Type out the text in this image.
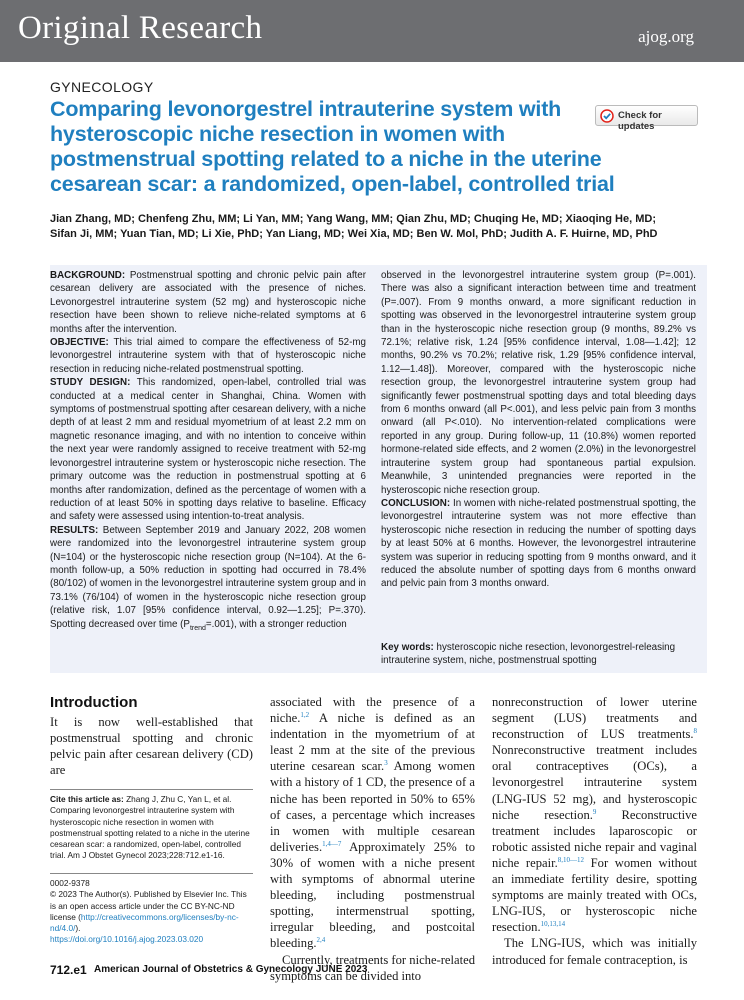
Original Research	ajog.org
GYNECOLOGY
Comparing levonorgestrel intrauterine system with
hysteroscopic niche resection in women with
postmenstrual spotting related to a niche in the uterine
cesarean scar: a randomized, open-label, controlled trial
Check for updates
Jian Zhang, MD; Chenfeng Zhu, MM; Li Yan, MM; Yang Wang, MM; Qian Zhu, MD; Chuqing He, MD; Xiaoqing He, MD;
Sifan Ji, MM; Yuan Tian, MD; Li Xie, PhD; Yan Liang, MD; Wei Xia, MD; Ben W. Mol, PhD; Judith A. F. Huirne, MD, PhD

BACKGROUND: Postmenstrual spotting and chronic pelvic pain after cesarean delivery are associated with the presence of niches. Levonorgestrel intrauterine system (52 mg) and hysteroscopic niche resection have been shown to relieve niche-related symptoms at 6 months after the intervention.

OBJECTIVE: This trial aimed to compare the effectiveness of 52-mg levonorgestrel intrauterine system with that of hysteroscopic niche resection in reducing niche-related postmenstrual spotting.

STUDY DESIGN: This randomized, open-label, controlled trial was conducted at a medical center in Shanghai, China. Women with symptoms of postmenstrual spotting after cesarean delivery, with a niche depth of at least 2 mm and residual myometrium of at least 2.2 mm on magnetic resonance imaging, and with no intention to conceive within the next year were randomly assigned to receive treatment with 52-mg levonorgestrel intrauterine system or hysteroscopic niche resection. The primary outcome was the reduction in postmenstrual spotting at 6 months after randomization, defined as the percentage of women with a reduction of at least 50% in spotting days relative to baseline. Efficacy and safety were assessed using intention-to-treat analysis.

RESULTS: Between September 2019 and January 2022, 208 women were randomized into the levonorgestrel intrauterine system group (N=104) or the hysteroscopic niche resection group (N=104). At the 6-month follow-up, a 50% reduction in spotting had occurred in 78.4% (80/102) of women in the levonorgestrel intrauterine system group and in 73.1% (76/104) of women in the hysteroscopic niche resection group (relative risk, 1.07 [95% confidence interval, 0.92—1.25]; P=.370). Spotting decreased over time $(P_{trend}=.001)$, with a stronger reduction

observed in the levonorgestrel intrauterine system group (P=.001). There was also a significant interaction between time and treatment (P=.007). From 9 months onward, a more significant reduction in spotting was observed in the levonorgestrel intrauterine system group than in the hysteroscopic niche resection group (9 months, 89.2% vs 72.1%; relative risk, 1.24 [95% confidence interval, 1.08—1.42]; 12 months, 90.2% vs 70.2%; relative risk, 1.29 [95% confidence interval, 1.12—1.48]). Moreover, compared with the hysteroscopic niche resection group, the levonorgestrel intrauterine system group had significantly fewer postmenstrual spotting days and total bleeding days from 6 months onward (all P<.001), and less pelvic pain from 3 months onward (all P<.010). No intervention-related complications were reported in any group. During follow-up, 11 (10.8%) women reported hormone-related side effects, and 2 women (2.0%) in the levonorgestrel intrauterine system group had spontaneous partial expulsion. Meanwhile, 3 unintended pregnancies were reported in the hysteroscopic niche resection group.

CONCLUSION: In women with niche-related postmenstrual spotting, the levonorgestrel intrauterine system was not more effective than hysteroscopic niche resection in reducing the number of spotting days by at least 50% at 6 months. However, the levonorgestrel intrauterine system was superior in reducing spotting from 9 months onward, and it reduced the absolute number of spotting days from 6 months onward and pelvic pain from 3 months onward.

Key words: hysteroscopic niche resection, levonorgestrel-releasing intrauterine system, niche, postmenstrual spotting

Introduction

It is now well-established that postmenstrual spotting and chronic pelvic pain after cesarean delivery (CD) are

associated with the presence of a niche.$^{1,2}$ A niche is defined as an indentation in the myometrium of at least 2 mm at the site of the previous uterine cesarean scar.$^3$ Among women with a history of 1 CD, the presence of a niche has been reported in 50% to 65% of cases, a percentage which increases in women with multiple cesarean deliveries.$^{1,4—7}$ Approximately 25% to 30% of women with a niche present with symptoms of abnormal uterine bleeding, including postmenstrual spotting, intermenstrual spotting, irregular bleeding, and postcoital bleeding.$^{2,4}$

Currently, treatments for niche-related symptoms can be divided into

nonreconstruction of lower uterine segment (LUS) treatments and reconstruction of LUS treatments.$^8$ Nonreconstructive treatment includes oral contraceptives (OCs), a levonorgestrel intrauterine system (LNG-IUS 52 mg), and hysteroscopic niche resection.$^9$ Reconstructive treatment includes laparoscopic or robotic assisted niche repair and vaginal niche repair.$^{8,10—12}$ For women without an immediate fertility desire, spotting symptoms are mainly treated with OCs, LNG-IUS, or hysteroscopic niche resection.$^{10,13,14}$

The LNG-IUS, which was initially introduced for female contraception, is

Cite this article as: Zhang J, Zhu C, Yan L, et al. Comparing levonorgestrel intrauterine system with hysteroscopic niche resection in women with postmenstrual spotting related to a niche in the uterine cesarean scar: a randomized, open-label, controlled trial. Am J Obstet Gynecol 2023;228:712.e1-16.

0002-9378
© 2023 The Author(s). Published by Elsevier Inc. This is an open access article under the CC BY-NC-ND license (http://creativecommons.org/licenses/by-nc-nd/4.0/).
https://doi.org/10.1016/j.ajog.2023.03.020

712.e1 American Journal of Obstetrics & Gynecology JUNE 2023
